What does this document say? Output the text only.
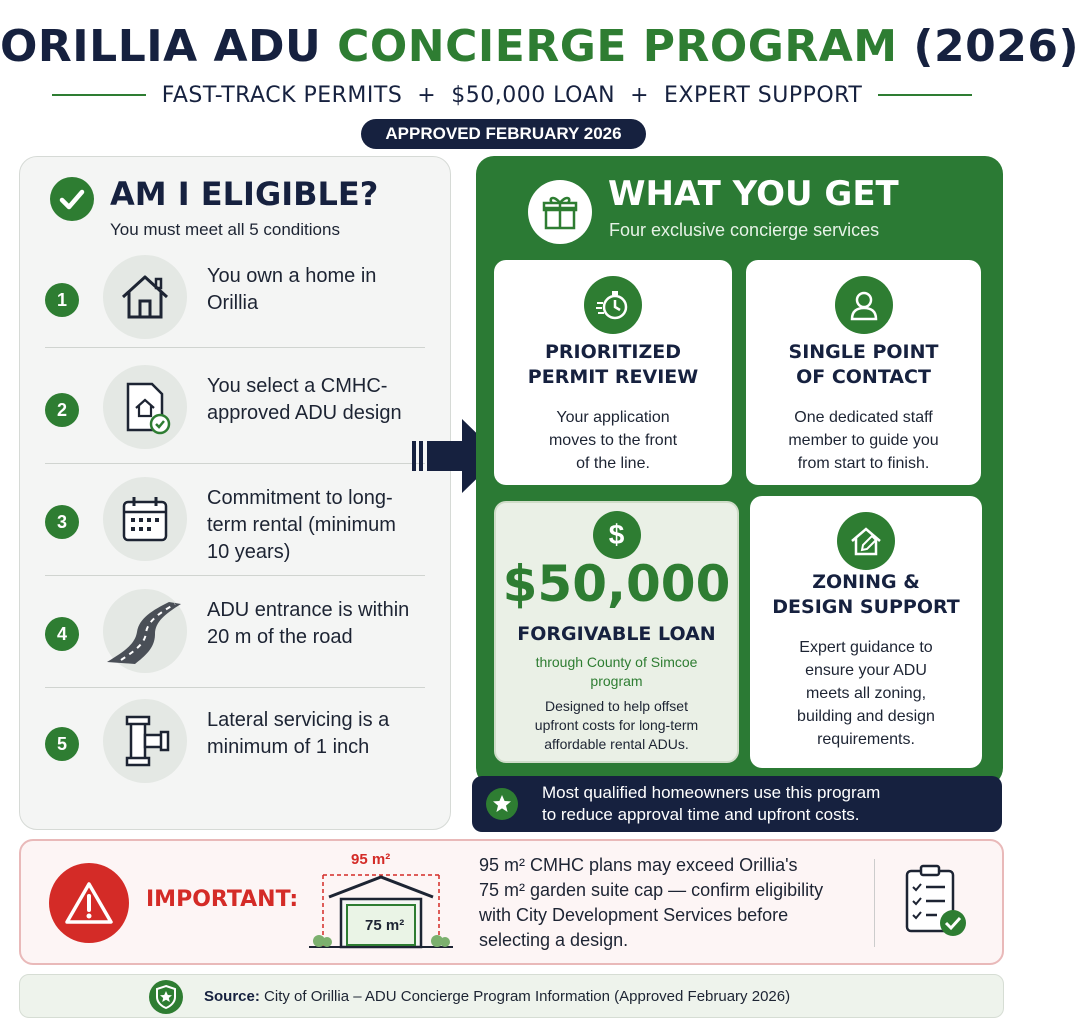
ORILLIA ADU CONCIERGE PROGRAM (2026)
FAST-TRACK PERMITS  +  $50,000 LOAN  +  EXPERT SUPPORT
APPROVED FEBRUARY 2026
AM I ELIGIBLE?
You must meet all 5 conditions
1
You own a home in Orillia
2
You select a CMHC-approved ADU design
3
Commitment to long-term rental (minimum 10 years)
4
ADU entrance is within 20 m of the road
5
Lateral servicing is a minimum of 1 inch
WHAT YOU GET
Four exclusive concierge services
PRIORITIZED
PERMIT REVIEW
Your application
moves to the front
of the line.
SINGLE POINT
OF CONTACT
One dedicated staff
member to guide you
from start to finish.
$
$50,000
FORGIVABLE LOAN
through County of Simcoe
program
Designed to help offset
upfront costs for long-term
affordable rental ADUs.
ZONING &
DESIGN SUPPORT
Expert guidance to
ensure your ADU
meets all zoning,
building and design
requirements.
Most qualified homeowners use this program
to reduce approval time and upfront costs.
IMPORTANT:
95 m²
75 m²
95 m² CMHC plans may exceed Orillia's
75 m² garden suite cap — confirm eligibility
with City Development Services before
selecting a design.
Source: City of Orillia – ADU Concierge Program Information (Approved February 2026)
